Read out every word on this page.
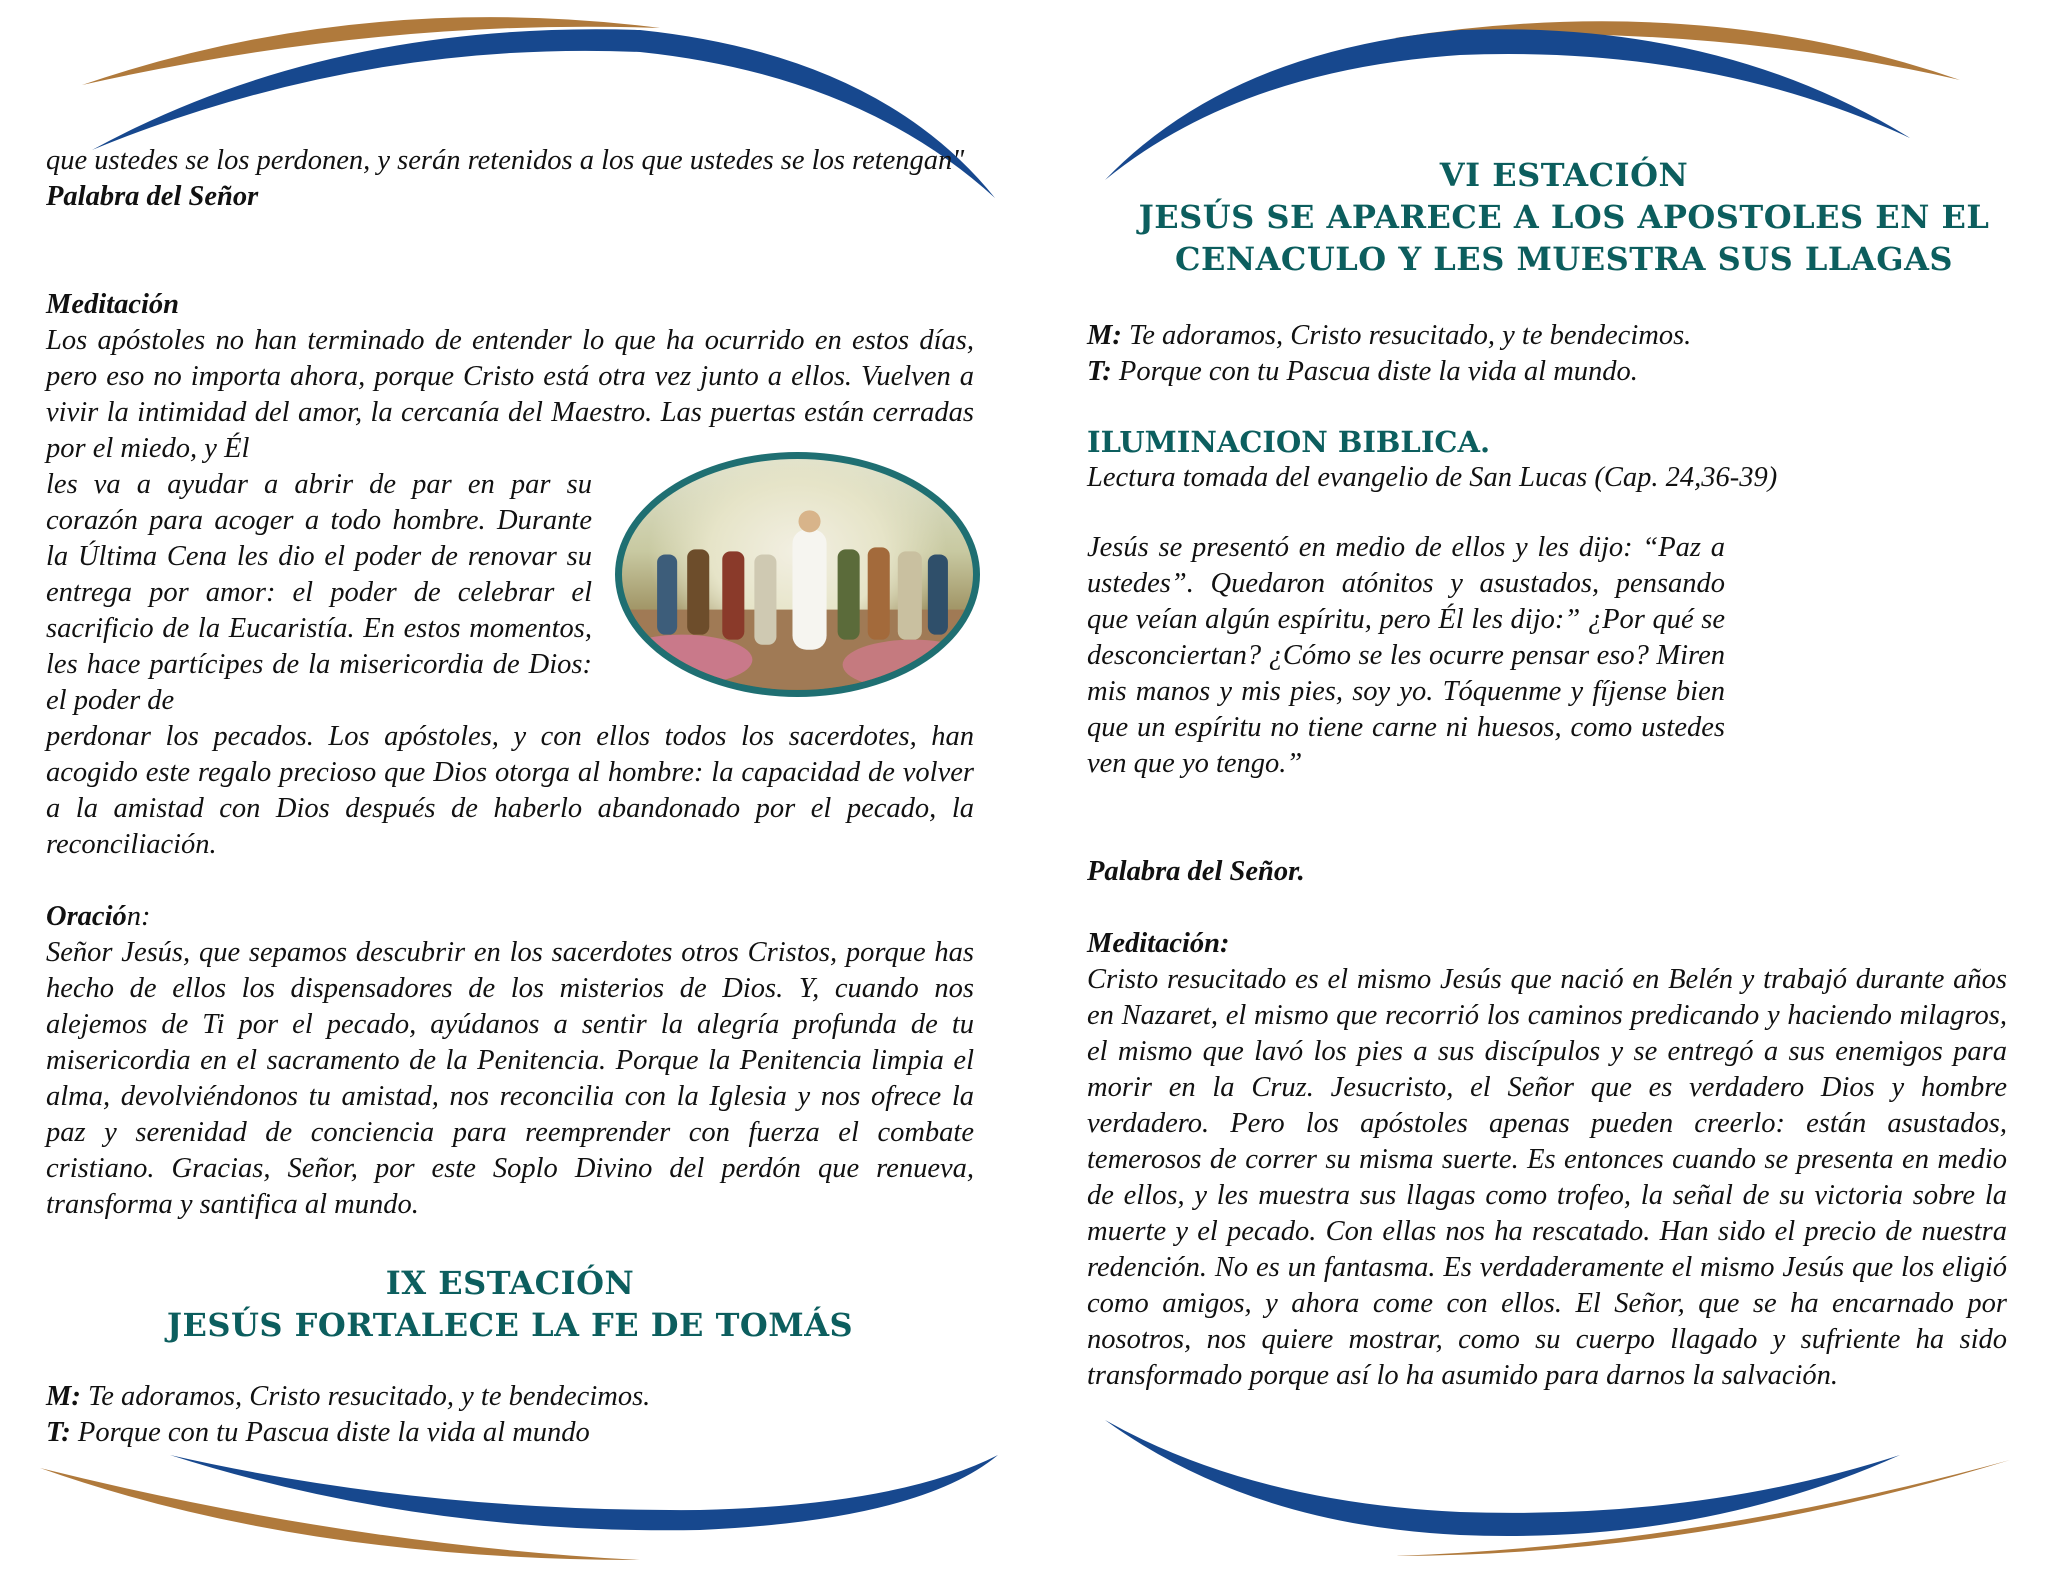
que ustedes se los perdonen, y serán retenidos a los que ustedes se los retengan"

Palabra del Señor

Meditación

Los apóstoles no han terminado de entender lo que ha ocurrido en estos días, pero eso no importa ahora, porque Cristo está otra vez junto a ellos. Vuelven a vivir la intimidad del amor, la cercanía del Maestro. Las puertas están cerradas por el miedo, y Él

les va a ayudar a abrir de par en par su corazón para acoger a todo hombre. Durante la Última Cena les dio el poder de renovar su entrega por amor: el poder de celebrar el sacrificio de la Eucaristía. En estos momentos, les hace partícipes de la misericordia de Dios: el poder de

perdonar los pecados. Los apóstoles, y con ellos todos los sacerdotes, han acogido este regalo precioso que Dios otorga al hombre: la capacidad de volver a la amistad con Dios después de haberlo abandonado por el pecado, la reconciliación.

Oración:

Señor Jesús, que sepamos descubrir en los sacerdotes otros Cristos, porque has hecho de ellos los dispensadores de los misterios de Dios. Y, cuando nos alejemos de Ti por el pecado, ayúdanos a sentir la alegría profunda de tu misericordia en el sacramento de la Penitencia. Porque la Penitencia limpia el alma, devolviéndonos tu amistad, nos reconcilia con la Iglesia y nos ofrece la paz y serenidad de conciencia para reemprender con fuerza el combate cristiano. Gracias, Señor, por este Soplo Divino del perdón que renueva, transforma y santifica al mundo.

IX ESTACIÓN
JESÚS FORTALECE LA FE DE TOMÁS

M: Te adoramos, Cristo resucitado, y te bendecimos.

T: Porque con tu Pascua diste la vida al mundo

VI ESTACIÓN
JESÚS SE APARECE A LOS APOSTOLES EN EL
CENACULO Y LES MUESTRA SUS LLAGAS

M: Te adoramos, Cristo resucitado, y te bendecimos.

T: Porque con tu Pascua diste la vida al mundo.

ILUMINACION BIBLICA.

Lectura tomada del evangelio de San Lucas (Cap. 24,36-39)

Jesús se presentó en medio de ellos y les dijo: “Paz a ustedes”. Quedaron atónitos y asustados, pensando que veían algún espíritu, pero Él les dijo:” ¿Por qué se desconciertan? ¿Cómo se les ocurre pensar eso? Miren mis manos y mis pies, soy yo. Tóquenme y fíjense bien que un espíritu no tiene carne ni huesos, como ustedes ven que yo tengo.”

Palabra del Señor.

Meditación:

Cristo resucitado es el mismo Jesús que nació en Belén y trabajó durante años en Nazaret, el mismo que recorrió los caminos predicando y haciendo milagros, el mismo que lavó los pies a sus discípulos y se entregó a sus enemigos para morir en la Cruz. Jesucristo, el Señor que es verdadero Dios y hombre verdadero. Pero los apóstoles apenas pueden creerlo: están asustados, temerosos de correr su misma suerte. Es entonces cuando se presenta en medio de ellos, y les muestra sus llagas como trofeo, la señal de su victoria sobre la muerte y el pecado. Con ellas nos ha rescatado. Han sido el precio de nuestra redención. No es un fantasma. Es verdaderamente el mismo Jesús que los eligió como amigos, y ahora come con ellos. El Señor, que se ha encarnado por nosotros, nos quiere mostrar, como su cuerpo llagado y sufriente ha sido transformado porque así lo ha asumido para darnos la salvación.
